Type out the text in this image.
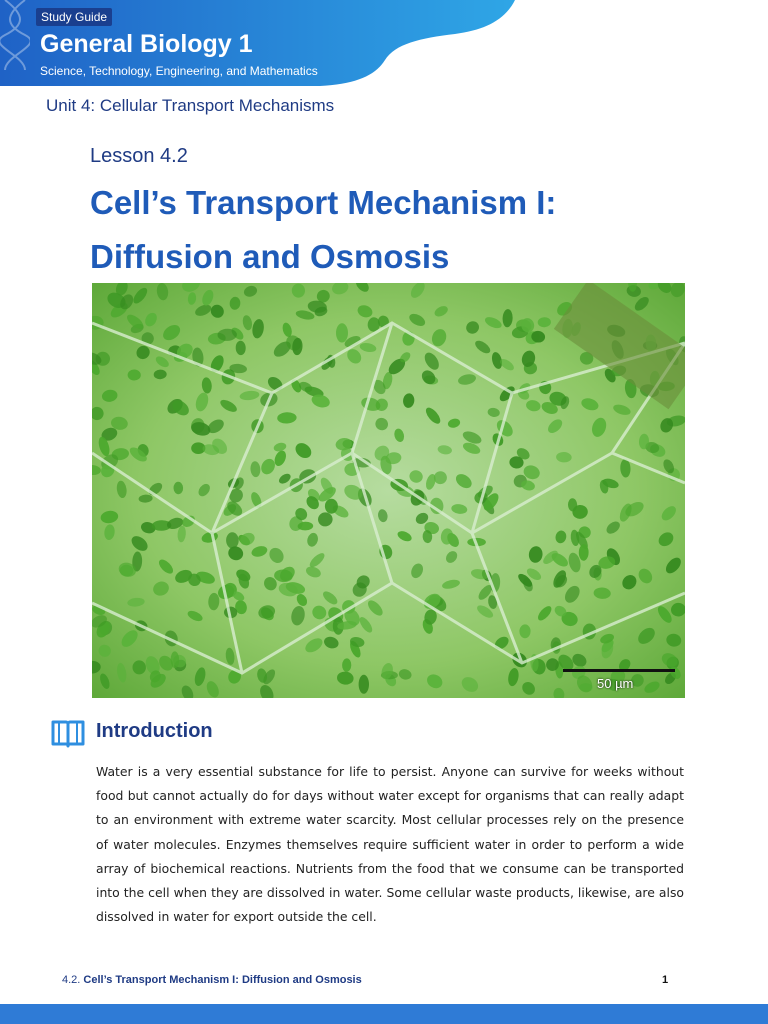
Study Guide
General Biology 1
Science, Technology, Engineering, and Mathematics
Unit 4: Cellular Transport Mechanisms
Lesson 4.2
Cell’s Transport Mechanism I:
Diffusion and Osmosis
50 µm
Introduction

Water is a very essential substance for life to persist. Anyone can survive for weeks without food but cannot actually do for days without water except for organisms that can really adapt to an environment with extreme water scarcity. Most cellular processes rely on the presence of water molecules. Enzymes themselves require sufficient water in order to perform a wide array of biochemical reactions. Nutrients from the food that we consume can be transported into the cell when they are dissolved in water. Some cellular waste products, likewise, are also dissolved in water for export outside the cell.

4.2. Cell’s Transport Mechanism I: Diffusion and Osmosis	1
